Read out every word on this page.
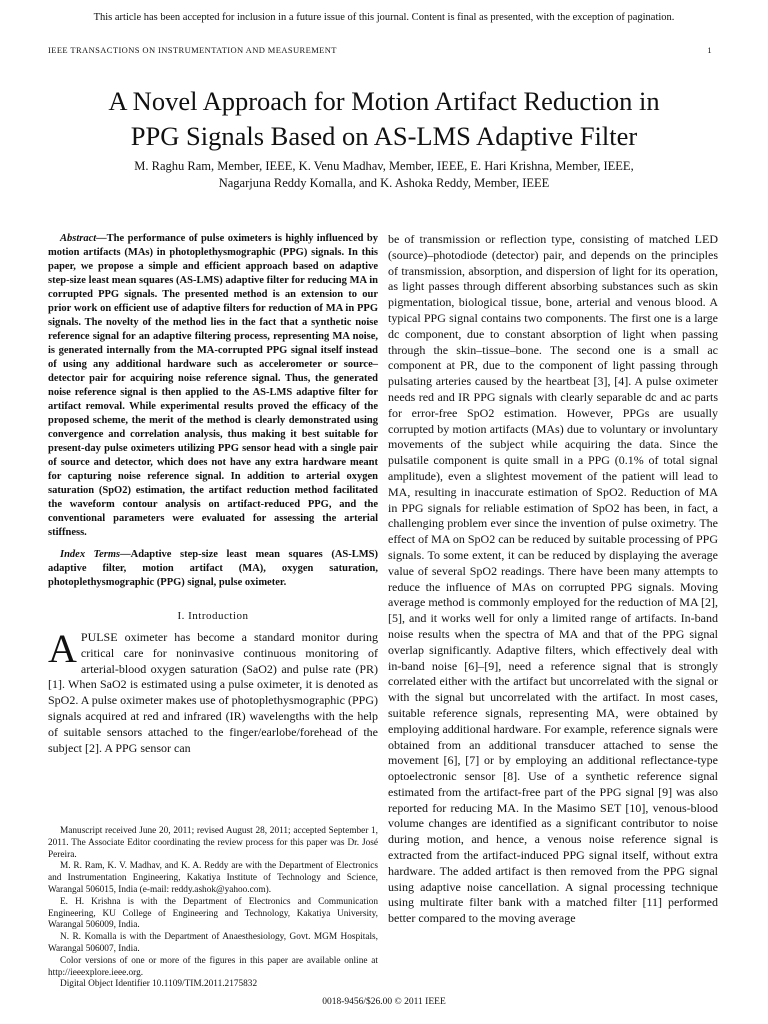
This article has been accepted for inclusion in a future issue of this journal. Content is final as presented, with the exception of pagination.
IEEE TRANSACTIONS ON INSTRUMENTATION AND MEASUREMENT	1
A Novel Approach for Motion Artifact Reduction in
PPG Signals Based on AS-LMS Adaptive Filter
M. Raghu Ram, Member, IEEE, K. Venu Madhav, Member, IEEE, E. Hari Krishna, Member, IEEE,
Nagarjuna Reddy Komalla, and K. Ashoka Reddy, Member, IEEE

Abstract—The performance of pulse oximeters is highly influenced by motion artifacts (MAs) in photoplethysmographic (PPG) signals. In this paper, we propose a simple and efficient approach based on adaptive step-size least mean squares (AS-LMS) adaptive filter for reducing MA in corrupted PPG signals. The presented method is an extension to our prior work on efficient use of adaptive filters for reduction of MA in PPG signals. The novelty of the method lies in the fact that a synthetic noise reference signal for an adaptive filtering process, representing MA noise, is generated internally from the MA-corrupted PPG signal itself instead of using any additional hardware such as accelerometer or source–detector pair for acquiring noise reference signal. Thus, the generated noise reference signal is then applied to the AS-LMS adaptive filter for artifact removal. While experimental results proved the efficacy of the proposed scheme, the merit of the method is clearly demonstrated using convergence and correlation analysis, thus making it best suitable for present-day pulse oximeters utilizing PPG sensor head with a single pair of source and detector, which does not have any extra hardware meant for capturing noise reference signal. In addition to arterial oxygen saturation (SpO2) estimation, the artifact reduction method facilitated the waveform contour analysis on artifact-reduced PPG, and the conventional parameters were evaluated for assessing the arterial stiffness.

Index Terms—Adaptive step-size least mean squares (AS-LMS) adaptive filter, motion artifact (MA), oxygen saturation, photoplethysmographic (PPG) signal, pulse oximeter.

I. Introduction

APULSE oximeter has become a standard monitor during critical care for noninvasive continuous monitoring of arterial-blood oxygen saturation (SaO2) and pulse rate (PR) [1]. When SaO2 is estimated using a pulse oximeter, it is denoted as SpO2. A pulse oximeter makes use of photoplethysmographic (PPG) signals acquired at red and infrared (IR) wavelengths with the help of suitable sensors attached to the finger/earlobe/forehead of the subject [2]. A PPG sensor can

Manuscript received June 20, 2011; revised August 28, 2011; accepted September 1, 2011. The Associate Editor coordinating the review process for this paper was Dr. José Pereira.

M. R. Ram, K. V. Madhav, and K. A. Reddy are with the Department of Electronics and Instrumentation Engineering, Kakatiya Institute of Technology and Science, Warangal 506015, India (e-mail: reddy.ashok@yahoo.com).

E. H. Krishna is with the Department of Electronics and Communication Engineering, KU College of Engineering and Technology, Kakatiya University, Warangal 506009, India.

N. R. Komalla is with the Department of Anaesthesiology, Govt. MGM Hospitals, Warangal 506007, India.

Color versions of one or more of the figures in this paper are available online at http://ieeexplore.ieee.org.

Digital Object Identifier 10.1109/TIM.2011.2175832

be of transmission or reflection type, consisting of matched LED (source)–photodiode (detector) pair, and depends on the principles of transmission, absorption, and dispersion of light for its operation, as light passes through different absorbing substances such as skin pigmentation, biological tissue, bone, arterial and venous blood. A typical PPG signal contains two components. The first one is a large dc component, due to constant absorption of light when passing through the skin–tissue–bone. The second one is a small ac component at PR, due to the component of light passing through pulsating arteries caused by the heartbeat [3], [4]. A pulse oximeter needs red and IR PPG signals with clearly separable dc and ac parts for error-free SpO2 estimation. However, PPGs are usually corrupted by motion artifacts (MAs) due to voluntary or involuntary movements of the subject while acquiring the data. Since the pulsatile component is quite small in a PPG (0.1% of total signal amplitude), even a slightest movement of the patient will lead to MA, resulting in inaccurate estimation of SpO2. Reduction of MA in PPG signals for reliable estimation of SpO2 has been, in fact, a challenging problem ever since the invention of pulse oximetry. The effect of MA on SpO2 can be reduced by suitable processing of PPG signals. To some extent, it can be reduced by displaying the average value of several SpO2 readings. There have been many attempts to reduce the influence of MAs on corrupted PPG signals. Moving average method is commonly employed for the reduction of MA [2], [5], and it works well for only a limited range of artifacts. In-band noise results when the spectra of MA and that of the PPG signal overlap significantly. Adaptive filters, which effectively deal with in-band noise [6]–[9], need a reference signal that is strongly correlated either with the artifact but uncorrelated with the signal or with the signal but uncorrelated with the artifact. In most cases, suitable reference signals, representing MA, were obtained by employing additional hardware. For example, reference signals were obtained from an additional transducer attached to sense the movement [6], [7] or by employing an additional reflectance-type optoelectronic sensor [8]. Use of a synthetic reference signal estimated from the artifact-free part of the PPG signal [9] was also reported for reducing MA. In the Masimo SET [10], venous-blood volume changes are identified as a significant contributor to noise during motion, and hence, a venous noise reference signal is extracted from the artifact-induced PPG signal itself, without extra hardware. The added artifact is then removed from the PPG signal using adaptive noise cancellation. A signal processing technique using multirate filter bank with a matched filter [11] performed better compared to the moving average

0018-9456/$26.00 © 2011 IEEE
